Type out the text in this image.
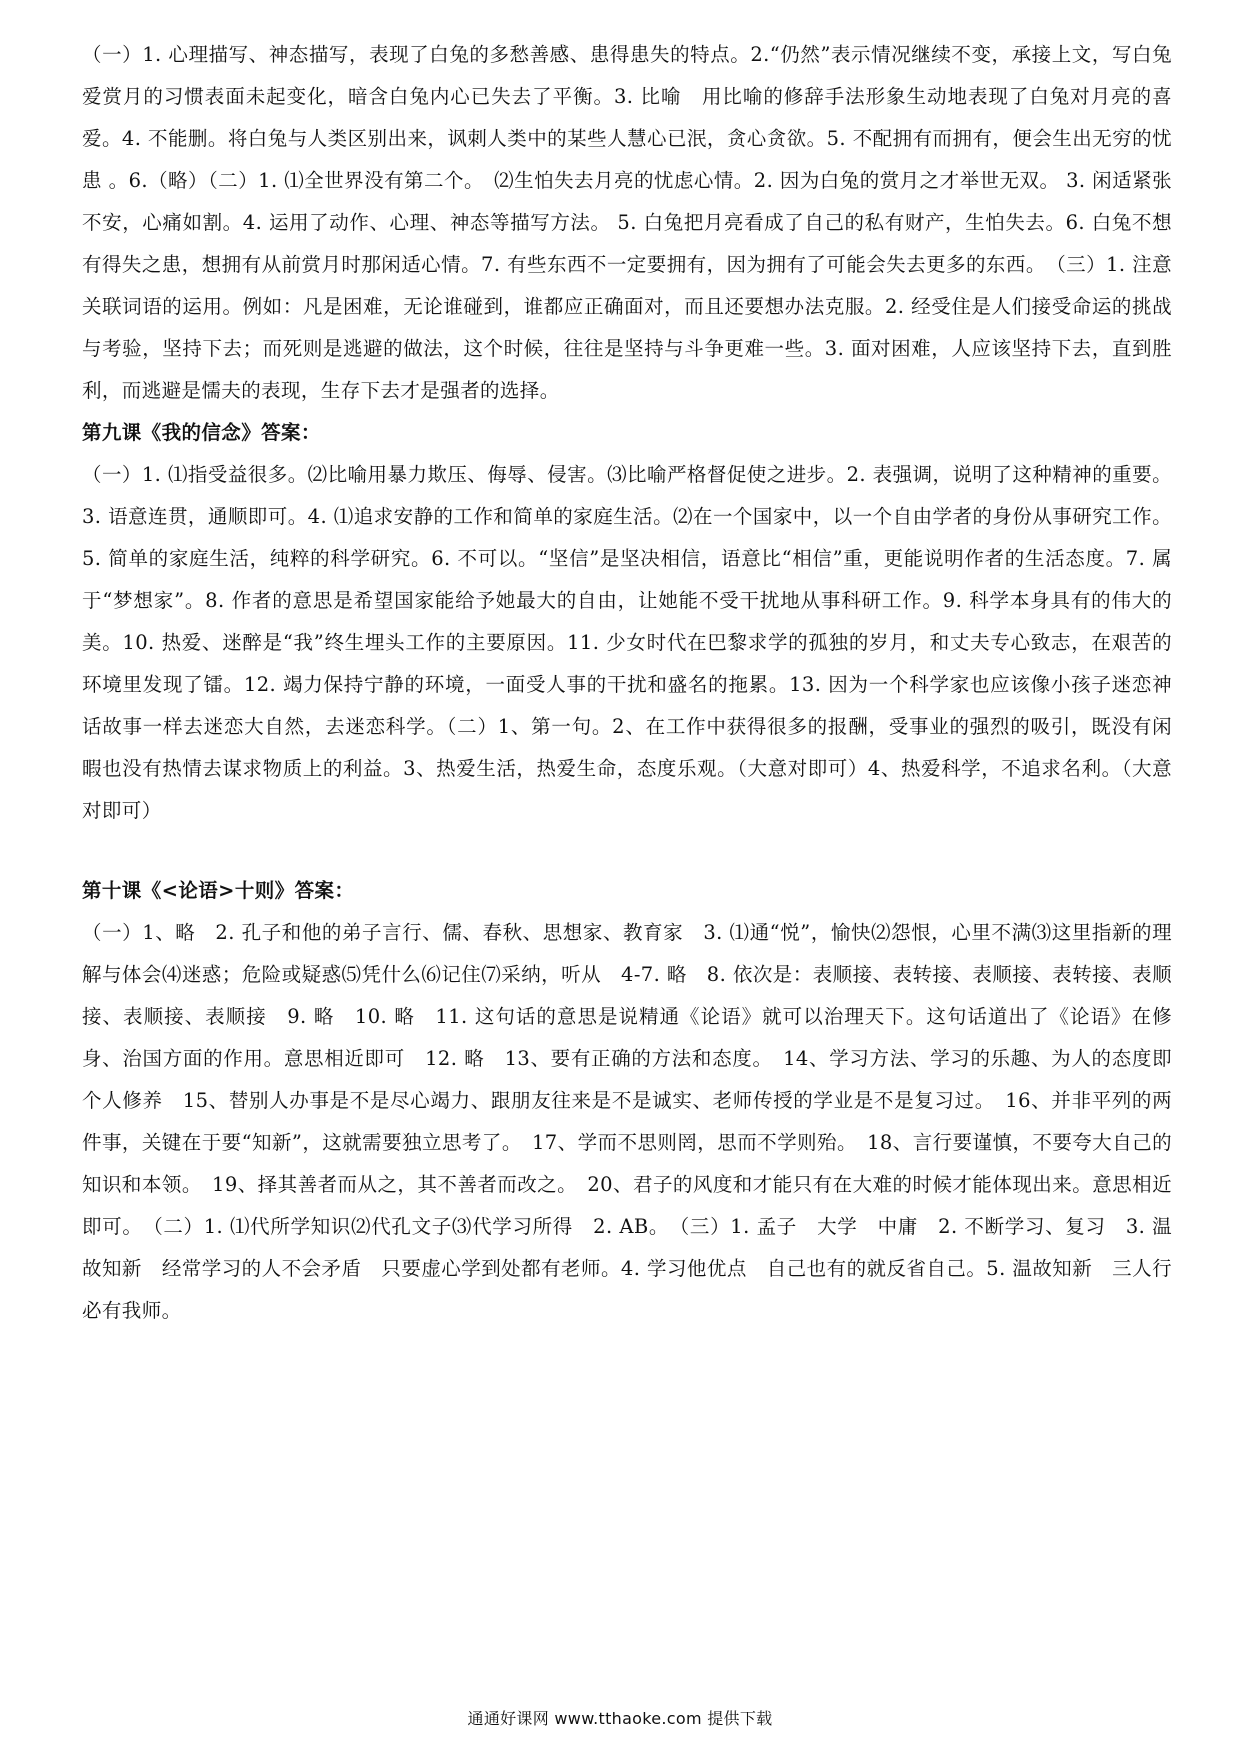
（一）1. 心理描写、神态描写，表现了白兔的多愁善感、患得患失的特点。2.“仍然”表示情况继续不变，承接上文，写白兔爱赏月的习惯表面未起变化，暗含白兔内心已失去了平衡。3. 比喻　用比喻的修辞手法形象生动地表现了白兔对月亮的喜爱。4. 不能删。将白兔与人类区别出来，讽刺人类中的某些人慧心已泯，贪心贪欲。5. 不配拥有而拥有，便会生出无穷的忧患 。6.（略）（二）1. ⑴全世界没有第二个。　⑵生怕失去月亮的忧虑心情。2. 因为白兔的赏月之才举世无双。 3. 闲适紧张不安，心痛如割。4. 运用了动作、心理、神态等描写方法。 5. 白兔把月亮看成了自己的私有财产，生怕失去。6. 白兔不想有得失之患，想拥有从前赏月时那闲适心情。7. 有些东西不一定要拥有，因为拥有了可能会失去更多的东西。　（三）1. 注意关联词语的运用。例如：凡是困难，无论谁碰到，谁都应正确面对，而且还要想办法克服。2. 经受住是人们接受命运的挑战与考验，坚持下去；而死则是逃避的做法，这个时候，往往是坚持与斗争更难一些。3. 面对困难，人应该坚持下去，直到胜利，而逃避是懦夫的表现，生存下去才是强者的选择。

第九课《我的信念》答案：

（一）1. ⑴指受益很多。⑵比喻用暴力欺压、侮辱、侵害。⑶比喻严格督促使之进步。2. 表强调，说明了这种精神的重要。3. 语意连贯，通顺即可。4. ⑴追求安静的工作和简单的家庭生活。⑵在一个国家中，以一个自由学者的身份从事研究工作。5. 简单的家庭生活，纯粹的科学研究。6. 不可以。“坚信”是坚决相信，语意比“相信”重，更能说明作者的生活态度。7. 属于“梦想家”。8. 作者的意思是希望国家能给予她最大的自由，让她能不受干扰地从事科研工作。9. 科学本身具有的伟大的美。10. 热爱、迷醉是“我”终生埋头工作的主要原因。11. 少女时代在巴黎求学的孤独的岁月，和丈夫专心致志，在艰苦的环境里发现了镭。12. 竭力保持宁静的环境，一面受人事的干扰和盛名的拖累。13. 因为一个科学家也应该像小孩子迷恋神话故事一样去迷恋大自然，去迷恋科学。（二）1、第一句。2、在工作中获得很多的报酬，受事业的强烈的吸引，既没有闲暇也没有热情去谋求物质上的利益。3、热爱生活，热爱生命，态度乐观。（大意对即可）4、热爱科学，不追求名利。（大意对即可）

第十课《<论语>十则》答案：

（一）1、略　2. 孔子和他的弟子言行、儒、春秋、思想家、教育家　3. ⑴通“悦”，愉快⑵怨恨，心里不满⑶这里指新的理解与体会⑷迷惑；危险或疑惑⑸凭什么⑹记住⑺采纳，听从　4-7. 略　8. 依次是：表顺接、表转接、表顺接、表转接、表顺接、表顺接、表顺接　9. 略　10. 略　11. 这句话的意思是说精通《论语》就可以治理天下。这句话道出了《论语》在修身、治国方面的作用。意思相近即可　12. 略　13、要有正确的方法和态度。　14、学习方法、学习的乐趣、为人的态度即个人修养　15、替别人办事是不是尽心竭力、跟朋友往来是不是诚实、老师传授的学业是不是复习过。　16、并非平列的两件事，关键在于要“知新”，这就需要独立思考了。　17、学而不思则罔，思而不学则殆。　18、言行要谨慎，不要夸大自己的知识和本领。　19、择其善者而从之，其不善者而改之。　20、君子的风度和才能只有在大难的时候才能体现出来。意思相近即可。　（二）1. ⑴代所学知识⑵代孔文子⑶代学习所得　2. AB。　（三）1. 孟子　大学　中庸　2. 不断学习、复习　3. 温故知新　经常学习的人不会矛盾　只要虚心学到处都有老师。4. 学习他优点　自己也有的就反省自己。5. 温故知新　三人行必有我师。

通通好课网 www.tthaoke.com 提供下载
